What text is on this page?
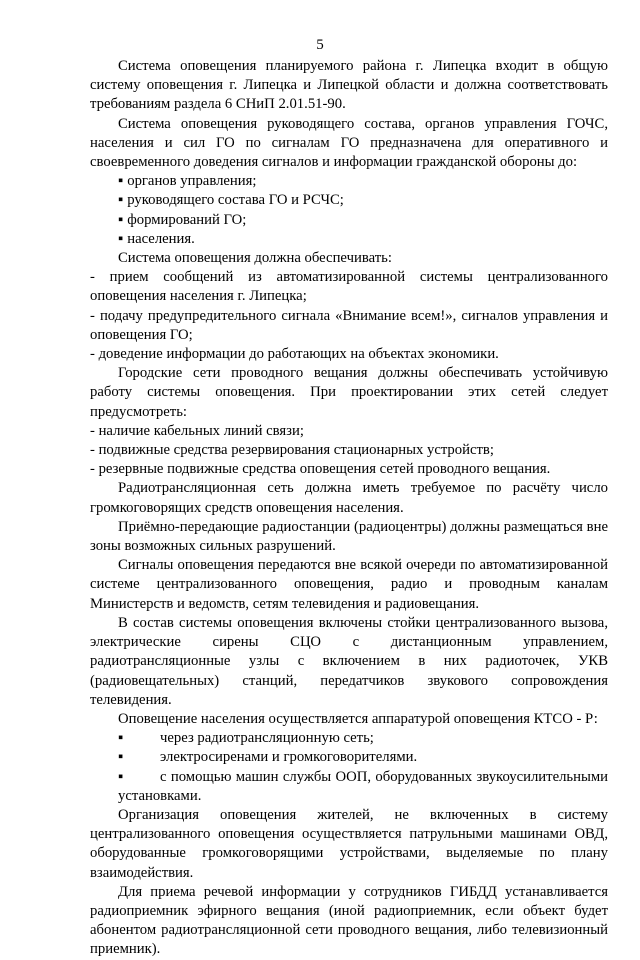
5

Система оповещения планируемого района г. Липецка входит в общую систему оповещения г. Липецка и Липецкой области и должна соответствовать требованиям раздела 6 СНиП 2.01.51-90.

Система оповещения руководящего состава, органов управления ГОЧС, населения и сил ГО по сигналам ГО предназначена для оперативного и своевременного доведения сигналов и информации гражданской обороны до:

▪ органов управления;
▪ руководящего состава ГО и РСЧС;
▪ формирований ГО;
▪ населения.

Система оповещения должна обеспечивать:

- прием сообщений из автоматизированной системы централизованного оповещения населения г. Липецка;

- подачу предупредительного сигнала «Внимание всем!», сигналов управления и оповещения ГО;

- доведение информации до работающих на объектах экономики.

Городские сети проводного вещания должны обеспечивать устойчивую работу системы оповещения. При проектировании этих сетей следует предусмотреть:

- наличие кабельных линий связи;

- подвижные средства резервирования стационарных устройств;

- резервные подвижные средства оповещения сетей проводного вещания.

Радиотрансляционная сеть должна иметь требуемое по расчёту число громкоговорящих средств оповещения населения.

Приёмно-передающие радиостанции (радиоцентры) должны размещаться вне зоны возможных сильных разрушений.

Сигналы оповещения передаются вне всякой очереди по автоматизированной системе централизованного оповещения, радио и проводным каналам Министерств и ведомств, сетям телевидения и радиовещания.

В состав системы оповещения включены стойки централизованного вызова, электрические сирены СЦО с дистанционным управлением, радиотрансляционные узлы с включением в них радиоточек, УКВ (радиовещательных) станций, передатчиков звукового сопровождения телевидения.

Оповещение населения осуществляется аппаратурой оповещения КТСО - Р:

▪ через радиотрансляционную сеть;
▪ электросиренами и громкоговорителями.
▪ с помощью машин службы ООП, оборудованных звукоусилительными установками.

Организация оповещения жителей, не включенных в систему централизованного оповещения осуществляется патрульными машинами ОВД, оборудованные громкоговорящими устройствами, выделяемые по плану взаимодействия.

Для приема речевой информации у сотрудников ГИБДД устанавливается радиоприемник эфирного вещания (иной радиоприемник, если объект будет абонентом радиотрансляционной сети проводного вещания, либо телевизионный приемник).
